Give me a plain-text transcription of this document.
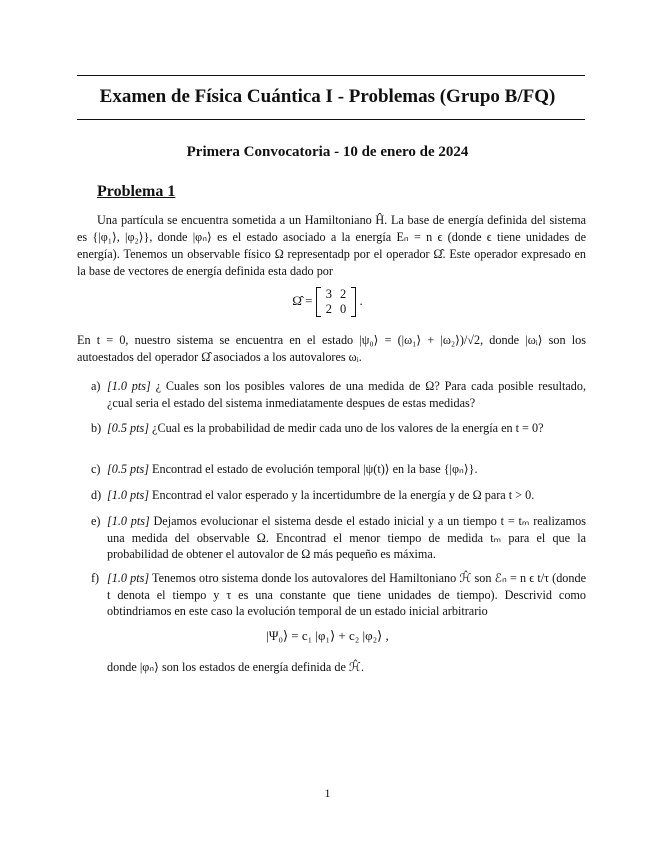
Examen de Física Cuántica I - Problemas (Grupo B/FQ)
Primera Convocatoria - 10 de enero de 2024
Problema 1
Una partícula se encuentra sometida a un Hamiltoniano Ĥ. La base de energía definida del sistema es {|φ₁⟩, |φ₂⟩}, donde |φₙ⟩ es el estado asociado a la energía Eₙ = n ϵ (donde ϵ tiene unidades de energía). Tenemos un observable físico Ω representadp por el operador Ω̂. Este operador expresado en la base de vectores de energía definida esta dado por
Ω̂ = 3	2
2	0
.
En t = 0, nuestro sistema se encuentra en el estado |ψ₀⟩ = (|ω₁⟩ + |ω₂⟩)/√2, donde |ωᵢ⟩ son los autoestados del operador Ω̂ asociados a los autovalores ωᵢ.
a) [1.0 pts] ¿ Cuales son los posibles valores de una medida de Ω? Para cada posible resultado, ¿cual seria el estado del sistema inmediatamente despues de estas medidas?
b) [0.5 pts] ¿Cual es la probabilidad de medir cada uno de los valores de la energía en t = 0?
c) [0.5 pts] Encontrad el estado de evolución temporal |ψ(t)⟩ en la base {|φₙ⟩}.
d) [1.0 pts] Encontrad el valor esperado y la incertidumbre de la energía y de Ω para t > 0.
e) [1.0 pts] Dejamos evolucionar el sistema desde el estado inicial y a un tiempo t = tₘ realizamos una medida del observable Ω. Encontrad el menor tiempo de medida tₘ para el que la probabilidad de obtener el autovalor de Ω más pequeño es máxima.
f) [1.0 pts] Tenemos otro sistema donde los autovalores del Hamiltoniano ℋ̂ son ℰₙ = n ϵ t/τ (donde t denota el tiempo y τ es una constante que tiene unidades de tiempo). Descrivid como obtindriamos en este caso la evolución temporal de un estado inicial arbitrario
|Ψ₀⟩ = c₁ |φ₁⟩ + c₂ |φ₂⟩ ,
donde |φₙ⟩ son los estados de energía definida de ℋ̂.
1
